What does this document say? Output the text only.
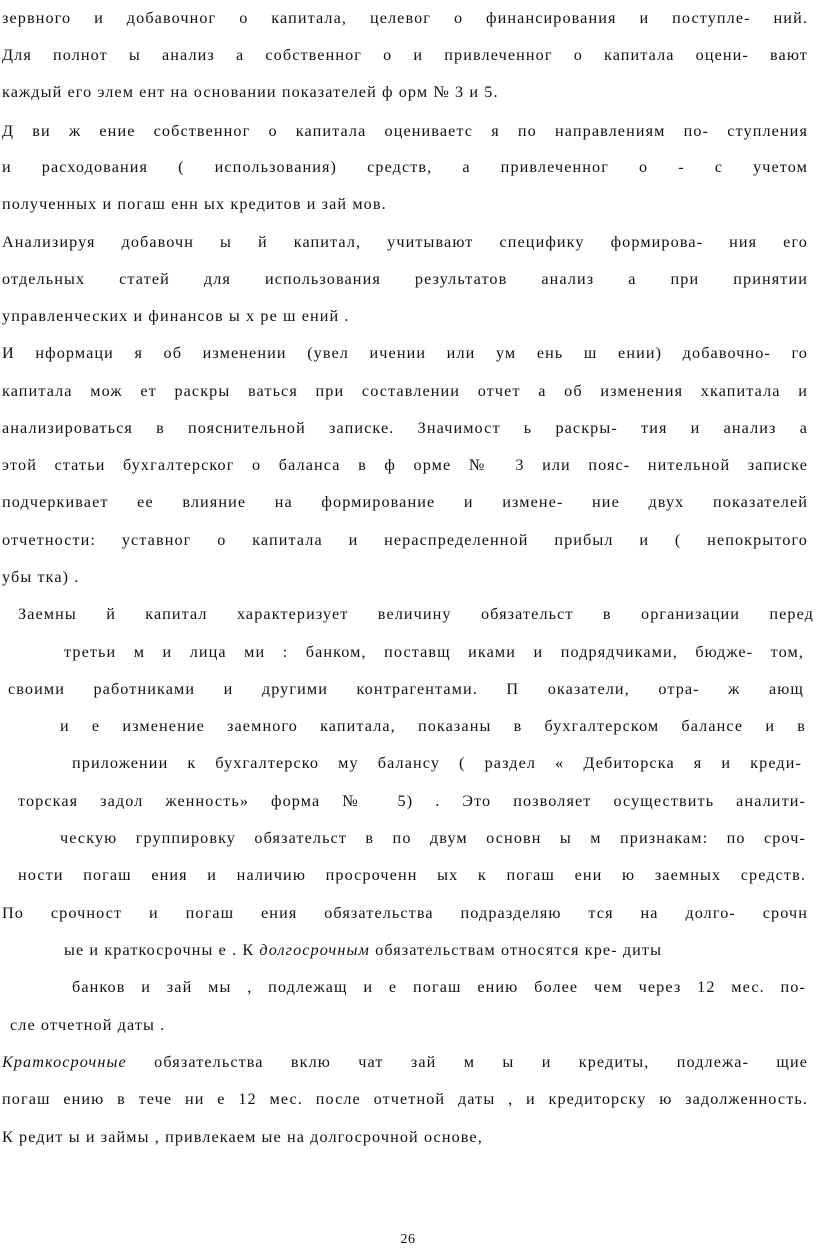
зервного и добавочног о капитала, целевог о финансирования и поступле- ний.
Для полнот ы анализ а собственног о и привлеченног о капитала оцени- вают
каждый его элем ент на основании показателей ф орм № 3 и 5.
Д ви ж ение собственног о капитала оцениваетс я по направлениям по- ступления
и расходования ( использования) средств, а привлеченног о - с учетом
полученных и погаш енн ых кредитов и зай мов.
Анализируя добавочн ы й капитал, учитывают специфику формирова- ния его
отдельных статей для использования результатов анализ а при принятии
управленческих и финансов ы х ре ш ений .
И нформаци я об изменении (увел ичении или ум ень ш ении) добавочно- го
капитала мож ет раскры ваться при составлении отчет а об изменения хкапитала и
анализироваться в пояснительной записке. Значимост ь раскры- тия и анализ а
этой статьи бухгалтерског о баланса в ф орме № 3 или пояс- нительной записке
подчеркивает ее влияние на формирование и измене- ние двух показателей
отчетности: уставног о капитала и нераспределенной прибыл и ( непокрытого
убы тка) .
Заемны й капитал характеризует величину обязательст в организации перед
третьи м и лица ми : банком, поставщ иками и подрядчиками, бюдже- том,
своими работниками и другими контрагентами. П оказатели, отра- ж ающ
и е изменение заемного капитала, показаны в бухгалтерском балансе и в
приложении к бухгалтерско му балансу ( раздел « Дебиторска я и креди-
торская задол женность» форма № 5) . Это позволяет осуществить аналити-
ческую группировку обязательст в по двум основн ы м признакам: по сроч-
ности погаш ения и наличию просроченн ых к погаш ени ю заемных средств.
По срочност и погаш ения обязательства подразделяю тся на долго- срочн
ые и краткосрочны е . К долгосрочным обязательствам относятся кре- диты
банков и зай мы , подлежащ и е погаш ению более чем через 12 мес. по-
сле отчетной даты .
Краткосрочные обязательства вклю чат зай м ы и кредиты, подлежа- щие
погаш ению в тече ни е 12 мес. после отчетной даты , и кредиторску ю задолженность.
К редит ы и займы , привлекаем ые на долгосрочной основе,
26
